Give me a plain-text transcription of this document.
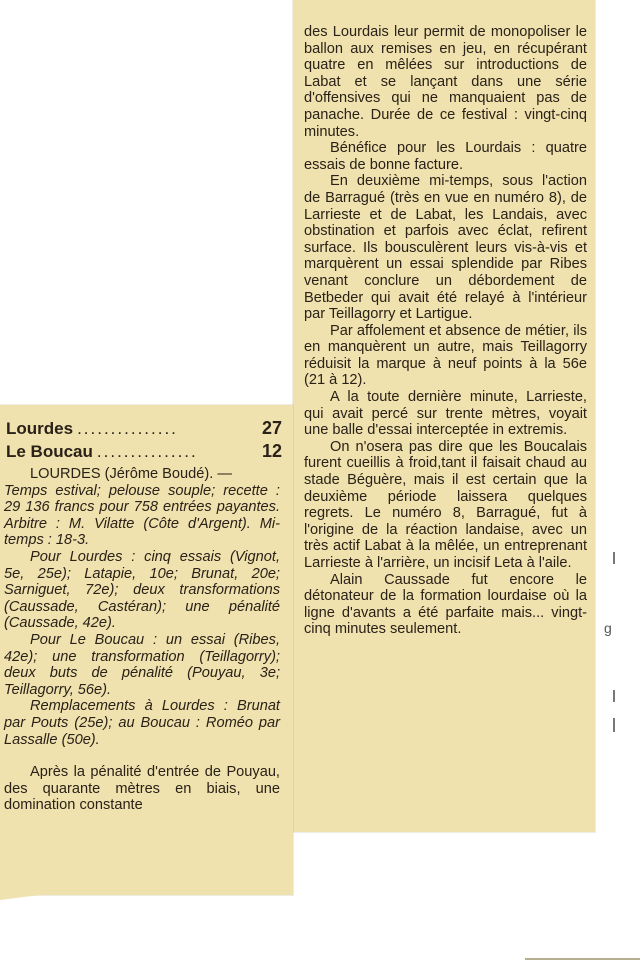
Lourdes ...............	27
Le Boucau ...............	12

LOURDES (Jérôme Boudé). —

Temps estival; pelouse souple; recette : 29 136 francs pour 758 entrées payantes. Arbitre : M. Vilatte (Côte d'Argent). Mi-temps : 18-3.

Pour Lourdes : cinq essais (Vignot, 5e, 25e); Latapie, 10e; Brunat, 20e; Sarniguet, 72e); deux transformations (Caussade, Castéran); une pénalité (Caussade, 42e).

Pour Le Boucau : un essai (Ribes, 42e); une transformation (Teillagorry); deux buts de pénalité (Pouyau, 3e; Teillagorry, 56e).

Remplacements à Lourdes : Brunat par Pouts (25e); au Boucau : Roméo par Lassalle (50e).

Après la pénalité d'entrée de Pouyau, des quarante mètres en biais, une domination constante

des Lourdais leur permit de monopoliser le ballon aux remises en jeu, en récupérant quatre en mêlées sur introductions de Labat et se lançant dans une série d'offensives qui ne manquaient pas de panache. Durée de ce festival : vingt-cinq minutes.

Bénéfice pour les Lourdais : quatre essais de bonne facture.

En deuxième mi-temps, sous l'action de Barragué (très en vue en numéro 8), de Larrieste et de Labat, les Landais, avec obstination et parfois avec éclat, refirent surface. Ils bousculèrent leurs vis-à-vis et marquèrent un essai splendide par Ribes venant conclure un débordement de Betbeder qui avait été relayé à l'intérieur par Teillagorry et Lartigue.

Par affolement et absence de métier, ils en manquèrent un autre, mais Teillagorry réduisit la marque à neuf points à la 56e (21 à 12).

A la toute dernière minute, Larrieste, qui avait percé sur trente mètres, voyait une balle d'essai interceptée in extremis.

On n'osera pas dire que les Boucalais furent cueillis à froid,tant il faisait chaud au stade Béguère, mais il est certain que la deuxième période laissera quelques regrets. Le numéro 8, Barragué, fut à l'origine de la réaction landaise, avec un très actif Labat à la mêlée, un entreprenant Larrieste à l'arrière, un incisif Leta à l'aile.

Alain Caussade fut encore le détonateur de la formation lourdaise où la ligne d'avants a été parfaite mais... vingt-cinq minutes seulement.	g
